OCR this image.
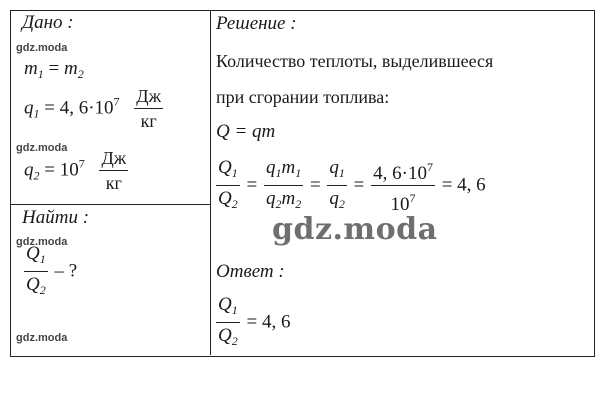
Дано :
gdz.moda
$m_1 = m_2$
$q_1 = 4$, $6\cdot 10^7 \frac{Дж}{кг}$
gdz.moda
$q_2 = 10^7 \frac{Дж}{кг}$
Найти :
gdz.moda
$\frac{Q_1}{Q_2}$ – ?
gdz.moda
Решение :
Количество теплоты, выделившееся
при сгорании топлива:
Q = qm
$\frac{Q_1}{Q_2} = \frac{q_1m_1}{q_2m_2} = \frac{q_1}{q_2} = \frac{4, 6\cdot 10^7}{10^7} = 4$, 6
gdz.moda
Ответ :
$\frac{Q_1}{Q_2} = 4$, 6
